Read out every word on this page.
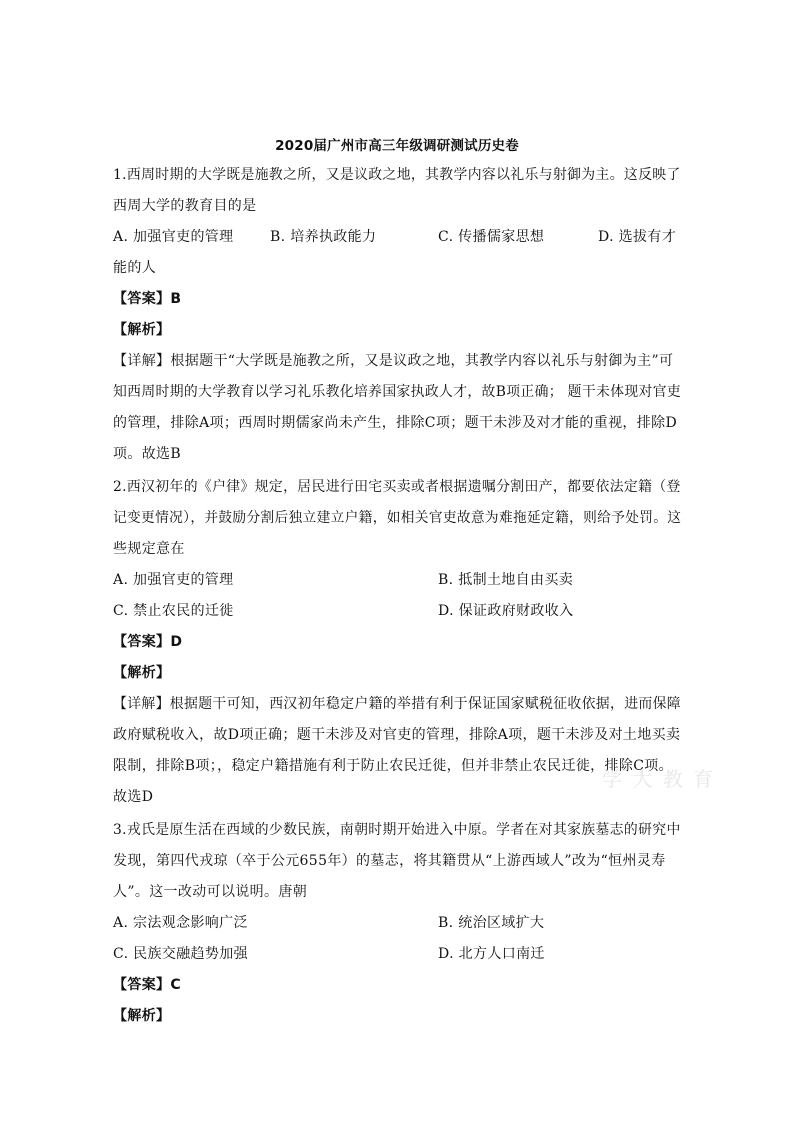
2020届广州市高三年级调研测试历史卷
1.西周时期的大学既是施教之所，又是议政之地，其教学内容以礼乐与射御为主。这反映了
西周大学的教育目的是
A. 加强官吏的管理	B. 培养执政能力	C. 传播儒家思想	D. 选拔有才
能的人
【答案】B
【解析】
【详解】根据题干“大学既是施教之所，又是议政之地，其教学内容以礼乐与射御为主”可
知西周时期的大学教育以学习礼乐教化培养国家执政人才，故B项正确； 题干未体现对官吏
的管理，排除A项；西周时期儒家尚未产生，排除C项；题干未涉及对才能的重视，排除D
项。故选B
2.西汉初年的《户律》规定，居民进行田宅买卖或者根据遗嘱分割田产，都要依法定籍（登
记变更情况），并鼓励分割后独立建立户籍，如相关官吏故意为难拖延定籍，则给予处罚。这
些规定意在
A. 加强官吏的管理	B. 抵制土地自由买卖
C. 禁止农民的迁徙	D. 保证政府财政收入
【答案】D
【解析】
【详解】根据题干可知，西汉初年稳定户籍的举措有利于保证国家赋税征收依据，进而保障
政府赋税收入，故D项正确；题干未涉及对官吏的管理，排除A项，题干未涉及对土地买卖
限制，排除B项；，稳定户籍措施有利于防止农民迁徙，但并非禁止农民迁徙，排除C项。
故选D
学 大 教 育
3.戎氏是原生活在西域的少数民族，南朝时期开始进入中原。学者在对其家族墓志的研究中
发现，第四代戎琼（卒于公元655年）的墓志，将其籍贯从“上游西域人”改为“恒州灵寿
人”。这一改动可以说明。唐朝
A. 宗法观念影响广泛	B. 统治区域扩大
C. 民族交融趋势加强	D. 北方人口南迁
【答案】C
【解析】
